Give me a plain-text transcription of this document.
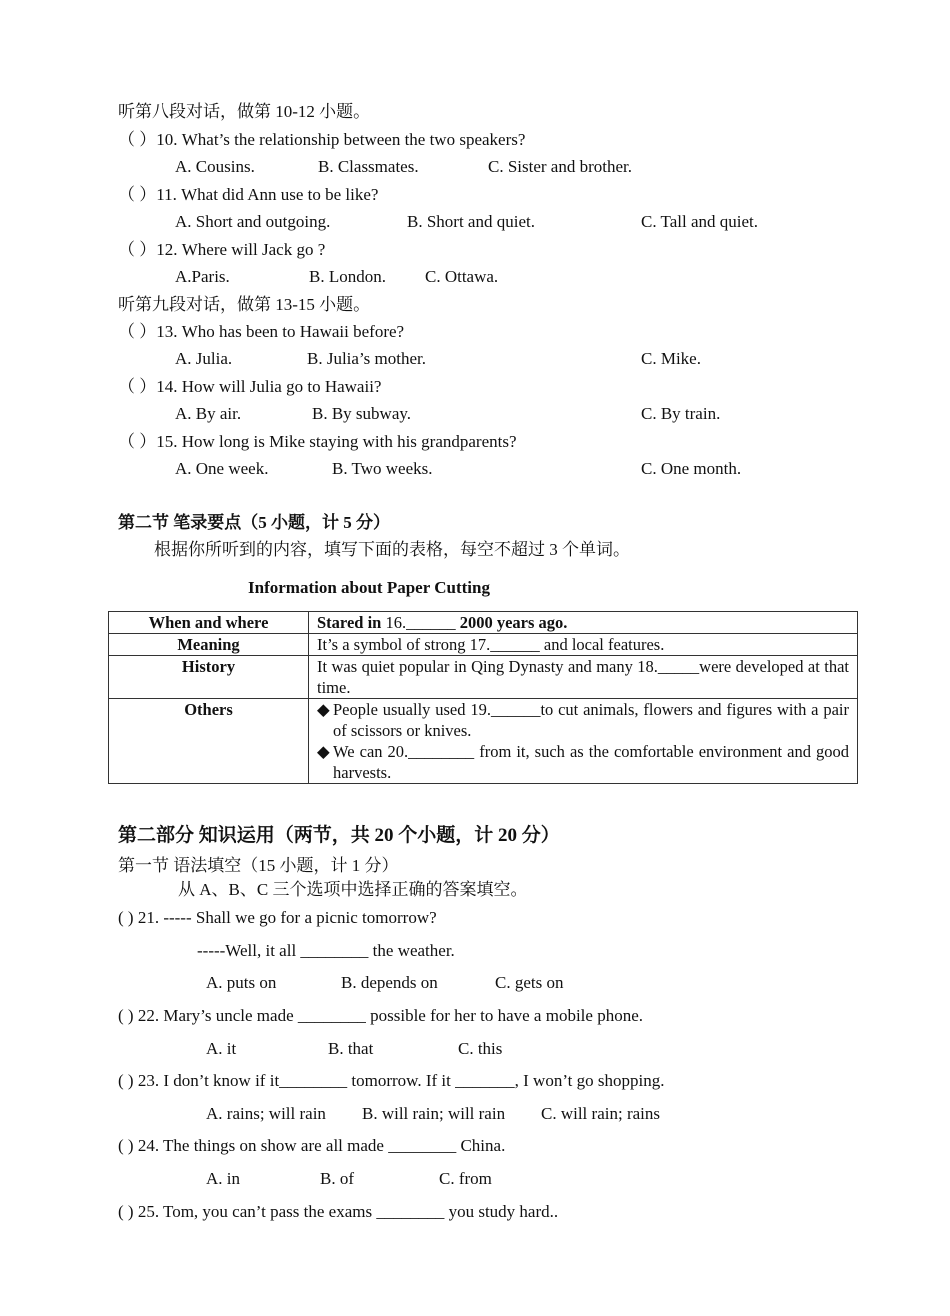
听第八段对话，做第 10-12 小题。
（ ）10. What’s the relationship between the two speakers?
A. Cousins.	B. Classmates.	C. Sister and brother.
（ ）11. What did Ann use to be like?
A. Short and outgoing.	B. Short and quiet.	C. Tall and quiet.
（ ）12. Where will Jack go ?
A.Paris.	B. London. C. Ottawa.
听第九段对话，做第 13-15 小题。
（ ）13. Who has been to Hawaii before?
A. Julia.	B. Julia’s mother.	C. Mike.
（ ）14. How will Julia go to Hawaii?
A. By air.	B. By subway.	C. By train.
（ ）15. How long is Mike staying with his grandparents?
A. One week.	B. Two weeks.	C. One month.
第二节 笔录要点（5 小题，计 5 分）
根据你所听到的内容，填写下面的表格，每空不超过 3 个单词。
Information about Paper Cutting
When and where	Stared in 16.______ 2000 years ago.
Meaning	It’s a symbol of strong 17.______ and local features.
History	It was quiet popular in Qing Dynasty and many 18._____were developed at that time.
Others	◆ People usually used 19.______to cut animals, flowers and figures with a pair of scissors or knives.
◆ We can 20.________ from it, such as the comfortable environment and good harvests.
第二部分 知识运用（两节，共 20 个小题，计 20 分）
第一节 语法填空（15 小题，计 1 分）
从 A、B、C 三个选项中选择正确的答案填空。
( ) 21. ----- Shall we go for a picnic tomorrow?
-----Well, it all ________ the weather.
A. puts on	B. depends on	C. gets on
( ) 22. Mary’s uncle made ________ possible for her to have a mobile phone.
A. it	B. that	C. this
( ) 23. I don’t know if it________ tomorrow. If it _______, I won’t go shopping.
A. rains; will rain B. will rain; will rain C. will rain; rains
( ) 24. The things on show are all made ________ China.
A. in	B. of	C. from
( ) 25. Tom, you can’t pass the exams ________ you study hard..
